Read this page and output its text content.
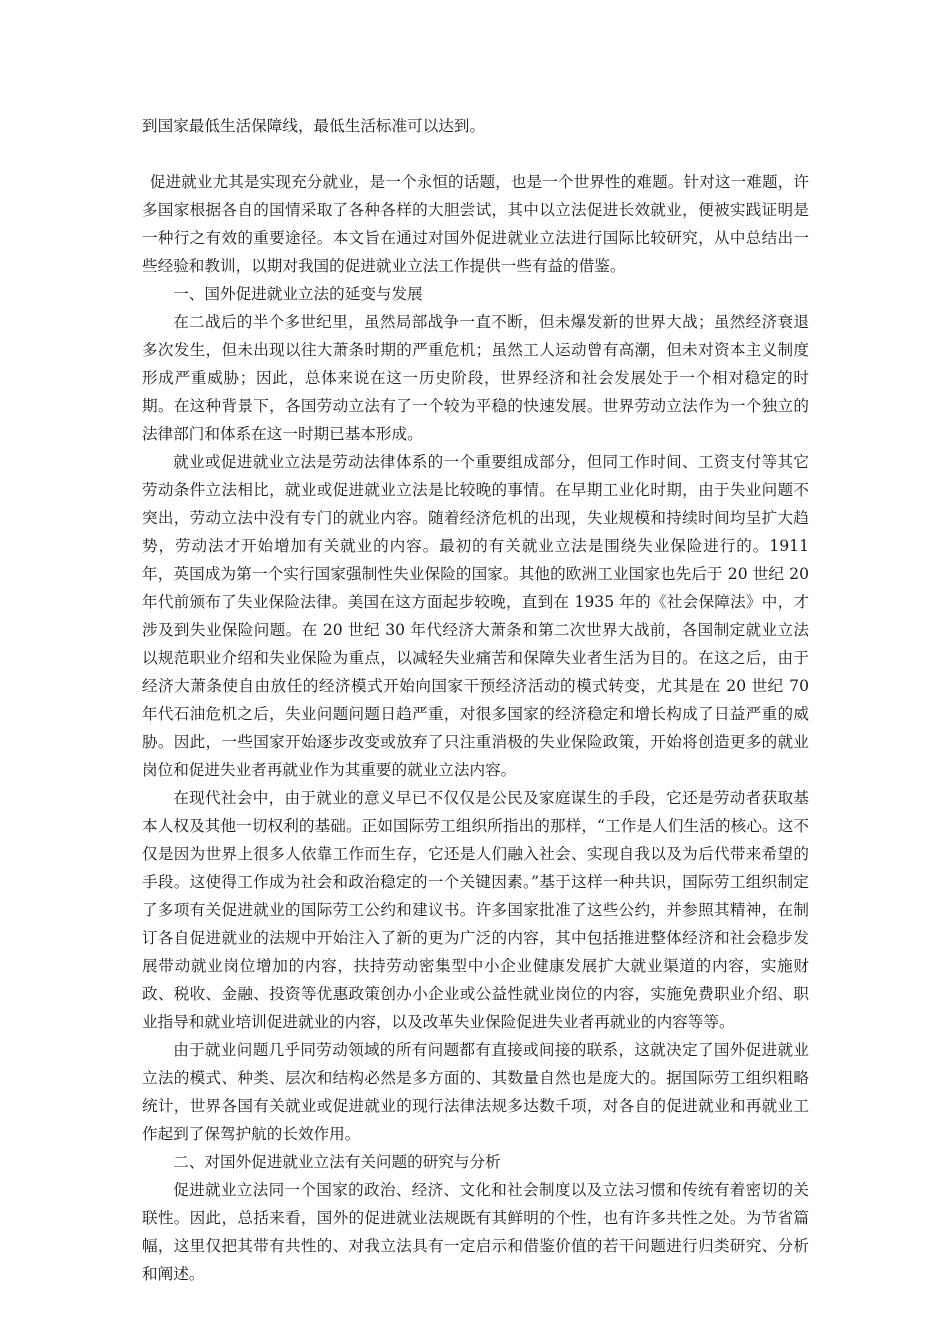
到国家最低生活保障线，最低生活标准可以达到。

促进就业尤其是实现充分就业，是一个永恒的话题，也是一个世界性的难题。针对这一难题，许多国家根据各自的国情采取了各种各样的大胆尝试，其中以立法促进长效就业，便被实践证明是一种行之有效的重要途径。本文旨在通过对国外促进就业立法进行国际比较研究，从中总结出一些经验和教训，以期对我国的促进就业立法工作提供一些有益的借鉴。

一、国外促进就业立法的延变与发展

在二战后的半个多世纪里，虽然局部战争一直不断，但未爆发新的世界大战；虽然经济衰退多次发生，但未出现以往大萧条时期的严重危机；虽然工人运动曾有高潮，但未对资本主义制度形成严重威胁；因此，总体来说在这一历史阶段，世界经济和社会发展处于一个相对稳定的时期。在这种背景下，各国劳动立法有了一个较为平稳的快速发展。世界劳动立法作为一个独立的法律部门和体系在这一时期已基本形成。

就业或促进就业立法是劳动法律体系的一个重要组成部分，但同工作时间、工资支付等其它劳动条件立法相比，就业或促进就业立法是比较晚的事情。在早期工业化时期，由于失业问题不突出，劳动立法中没有专门的就业内容。随着经济危机的出现，失业规模和持续时间均呈扩大趋势，劳动法才开始增加有关就业的内容。最初的有关就业立法是围绕失业保险进行的。1911 年，英国成为第一个实行国家强制性失业保险的国家。其他的欧洲工业国家也先后于 20 世纪 20 年代前颁布了失业保险法律。美国在这方面起步较晚，直到在 1935 年的《社会保障法》中，才涉及到失业保险问题。在 20 世纪 30 年代经济大萧条和第二次世界大战前，各国制定就业立法以规范职业介绍和失业保险为重点，以减轻失业痛苦和保障失业者生活为目的。在这之后，由于经济大萧条使自由放任的经济模式开始向国家干预经济活动的模式转变，尤其是在 20 世纪 70 年代石油危机之后，失业问题问题日趋严重，对很多国家的经济稳定和增长构成了日益严重的威胁。因此，一些国家开始逐步改变或放弃了只注重消极的失业保险政策，开始将创造更多的就业岗位和促进失业者再就业作为其重要的就业立法内容。

在现代社会中，由于就业的意义早已不仅仅是公民及家庭谋生的手段，它还是劳动者获取基本人权及其他一切权利的基础。正如国际劳工组织所指出的那样，“工作是人们生活的核心。这不仅是因为世界上很多人依靠工作而生存，它还是人们融入社会、实现自我以及为后代带来希望的手段。这使得工作成为社会和政治稳定的一个关键因素。”基于这样一种共识，国际劳工组织制定了多项有关促进就业的国际劳工公约和建议书。许多国家批准了这些公约，并参照其精神，在制订各自促进就业的法规中开始注入了新的更为广泛的内容，其中包括推进整体经济和社会稳步发展带动就业岗位增加的内容，扶持劳动密集型中小企业健康发展扩大就业渠道的内容，实施财政、税收、金融、投资等优惠政策创办小企业或公益性就业岗位的内容，实施免费职业介绍、职业指导和就业培训促进就业的内容，以及改革失业保险促进失业者再就业的内容等等。

由于就业问题几乎同劳动领域的所有问题都有直接或间接的联系，这就决定了国外促进就业立法的模式、种类、层次和结构必然是多方面的、其数量自然也是庞大的。据国际劳工组织粗略统计，世界各国有关就业或促进就业的现行法律法规多达数千项，对各自的促进就业和再就业工作起到了保驾护航的长效作用。

二、对国外促进就业立法有关问题的研究与分析

促进就业立法同一个国家的政治、经济、文化和社会制度以及立法习惯和传统有着密切的关联性。因此，总括来看，国外的促进就业法规既有其鲜明的个性，也有许多共性之处。为节省篇幅，这里仅把其带有共性的、对我立法具有一定启示和借鉴价值的若干问题进行归类研究、分析和阐述。
